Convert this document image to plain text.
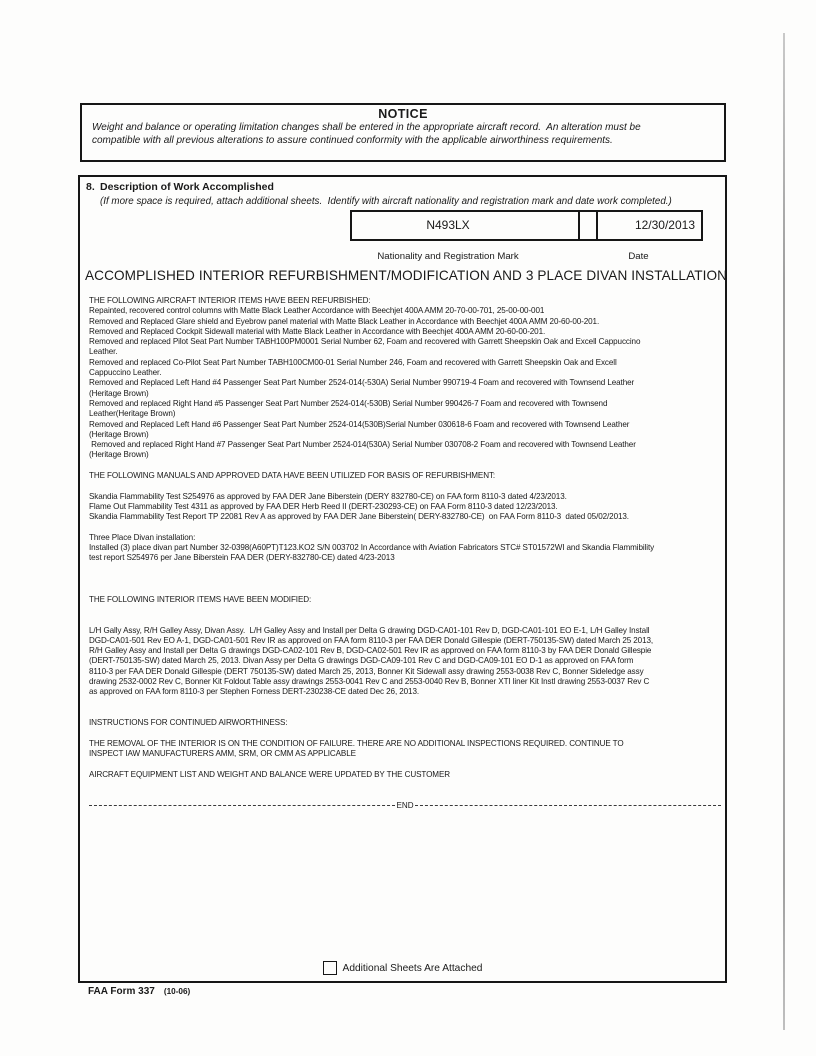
NOTICE
Weight and balance or operating limitation changes shall be entered in the appropriate aircraft record.  An alteration must be
compatible with all previous alterations to assure continued conformity with the applicable airworthiness requirements.
8. Description of Work Accomplished
(If more space is required, attach additional sheets.  Identify with aircraft nationality and registration mark and date work completed.)
N493LX	12/30/2013
Nationality and Registration Mark	Date
ACCOMPLISHED INTERIOR REFURBISHMENT/MODIFICATION AND 3 PLACE DIVAN INSTALLATION
THE FOLLOWING AIRCRAFT INTERIOR ITEMS HAVE BEEN REFURBISHED:
Repainted, recovered control columns with Matte Black Leather Accordance with Beechjet 400A AMM 20-70-00-701, 25-00-00-001
Removed and Replaced Glare shield and Eyebrow panel material with Matte Black Leather in Accordance with Beechjet 400A AMM 20-60-00-201.
Removed and Replaced Cockpit Sidewall material with Matte Black Leather in Accordance with Beechjet 400A AMM 20-60-00-201.
Removed and replaced Pilot Seat Part Number TABH100PM0001 Serial Number 62, Foam and recovered with Garrett Sheepskin Oak and Excell Cappuccino
Leather.
Removed and replaced Co-Pilot Seat Part Number TABH100CM00-01 Serial Number 246, Foam and recovered with Garrett Sheepskin Oak and Excell
Cappuccino Leather.
Removed and Replaced Left Hand #4 Passenger Seat Part Number 2524-014(-530A) Serial Number 990719-4 Foam and recovered with Townsend Leather
(Heritage Brown)
Removed and replaced Right Hand #5 Passenger Seat Part Number 2524-014(-530B) Serial Number 990426-7 Foam and recovered with Townsend
Leather(Heritage Brown)
Removed and Replaced Left Hand #6 Passenger Seat Part Number 2524-014(530B)Serial Number 030618-6 Foam and recovered with Townsend Leather
(Heritage Brown)
Removed and replaced Right Hand #7 Passenger Seat Part Number 2524-014(530A) Serial Number 030708-2 Foam and recovered with Townsend Leather
(Heritage Brown)

THE FOLLOWING MANUALS AND APPROVED DATA HAVE BEEN UTILIZED FOR BASIS OF REFURBISHMENT:

Skandia Flammability Test S254976 as approved by FAA DER Jane Biberstein (DERY 832780-CE) on FAA form 8110-3 dated 4/23/2013.
Flame Out Flammability Test 4311 as approved by FAA DER Herb Reed II (DERT-230293-CE) on FAA Form 8110-3 dated 12/23/2013.
Skandia Flammability Test Report TP 22081 Rev A as approved by FAA DER Jane Biberstein( DERY-832780-CE)  on FAA Form 8110-3  dated 05/02/2013.

Three Place Divan installation:
Installed (3) place divan part Number 32-0398(A60PT)T123.KO2 S/N 003702 In Accordance with Aviation Fabricators STC# ST01572WI and Skandia Flammibility
test report S254976 per Jane Biberstein FAA DER (DERY-832780-CE) dated 4/23-2013

THE FOLLOWING INTERIOR ITEMS HAVE BEEN MODIFIED:

L/H Gally Assy, R/H Galley Assy, Divan Assy.  L/H Galley Assy and Install per Delta G drawing DGD-CA01-101 Rev D, DGD-CA01-101 EO E-1, L/H Galley Install
DGD-CA01-501 Rev EO A-1, DGD-CA01-501 Rev IR as approved on FAA form 8110-3 per FAA DER Donald Gillespie (DERT-750135-SW) dated March 25 2013,
R/H Galley Assy and Install per Delta G drawings DGD-CA02-101 Rev B, DGD-CA02-501 Rev IR as approved on FAA form 8110-3 by FAA DER Donald Gillespie
(DERT-750135-SW) dated March 25, 2013. Divan Assy per Delta G drawings DGD-CA09-101 Rev C and DGD-CA09-101 EO D-1 as approved on FAA form
8110-3 per FAA DER Donald Gillespie (DERT 750135-SW) dated March 25, 2013, Bonner Kit Sidewall assy drawing 2553-0038 Rev C, Bonner Sideledge assy
drawing 2532-0002 Rev C, Bonner Kit Foldout Table assy drawings 2553-0041 Rev C and 2553-0040 Rev B, Bonner XTI liner Kit Instl drawing 2553-0037 Rev C
as approved on FAA form 8110-3 per Stephen Forness DERT-230238-CE dated Dec 26, 2013.

INSTRUCTIONS FOR CONTINUED AIRWORTHINESS:

THE REMOVAL OF THE INTERIOR IS ON THE CONDITION OF FAILURE. THERE ARE NO ADDITIONAL INSPECTIONS REQUIRED. CONTINUE TO
INSPECT IAW MANUFACTURERS AMM, SRM, OR CMM AS APPLICABLE

AIRCRAFT EQUIPMENT LIST AND WEIGHT AND BALANCE WERE UPDATED BY THE CUSTOMER

END
Additional Sheets Are Attached
FAA Form 337 (10-06)
